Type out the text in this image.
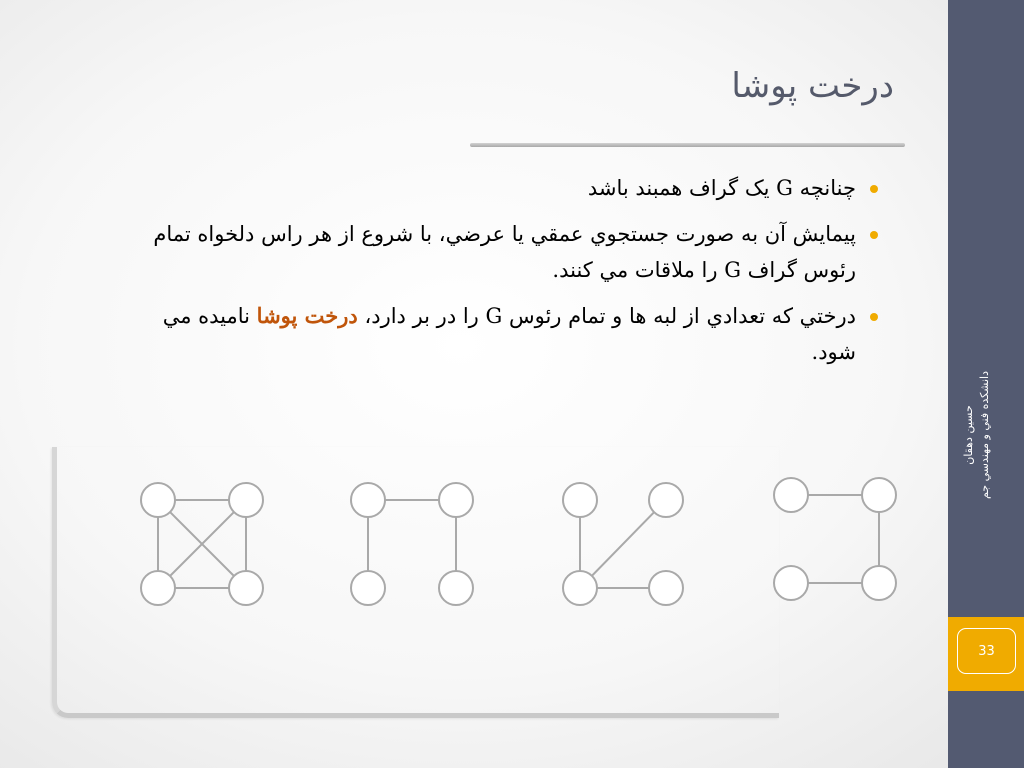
حسين دهقان دانشکده فني و مهندسي جم
33
درخت پوشا
چنانچه G یک گراف همبند باشد
پيمايش آن به صورت جستجوي عمقي يا عرضي، با شروع از هر راس دلخواه تمام رئوس گراف G را ملاقات مي کنند.
درختي که تعدادي از لبه ها و تمام رئوس G را در بر دارد، درخت پوشا ناميده مي شود.
